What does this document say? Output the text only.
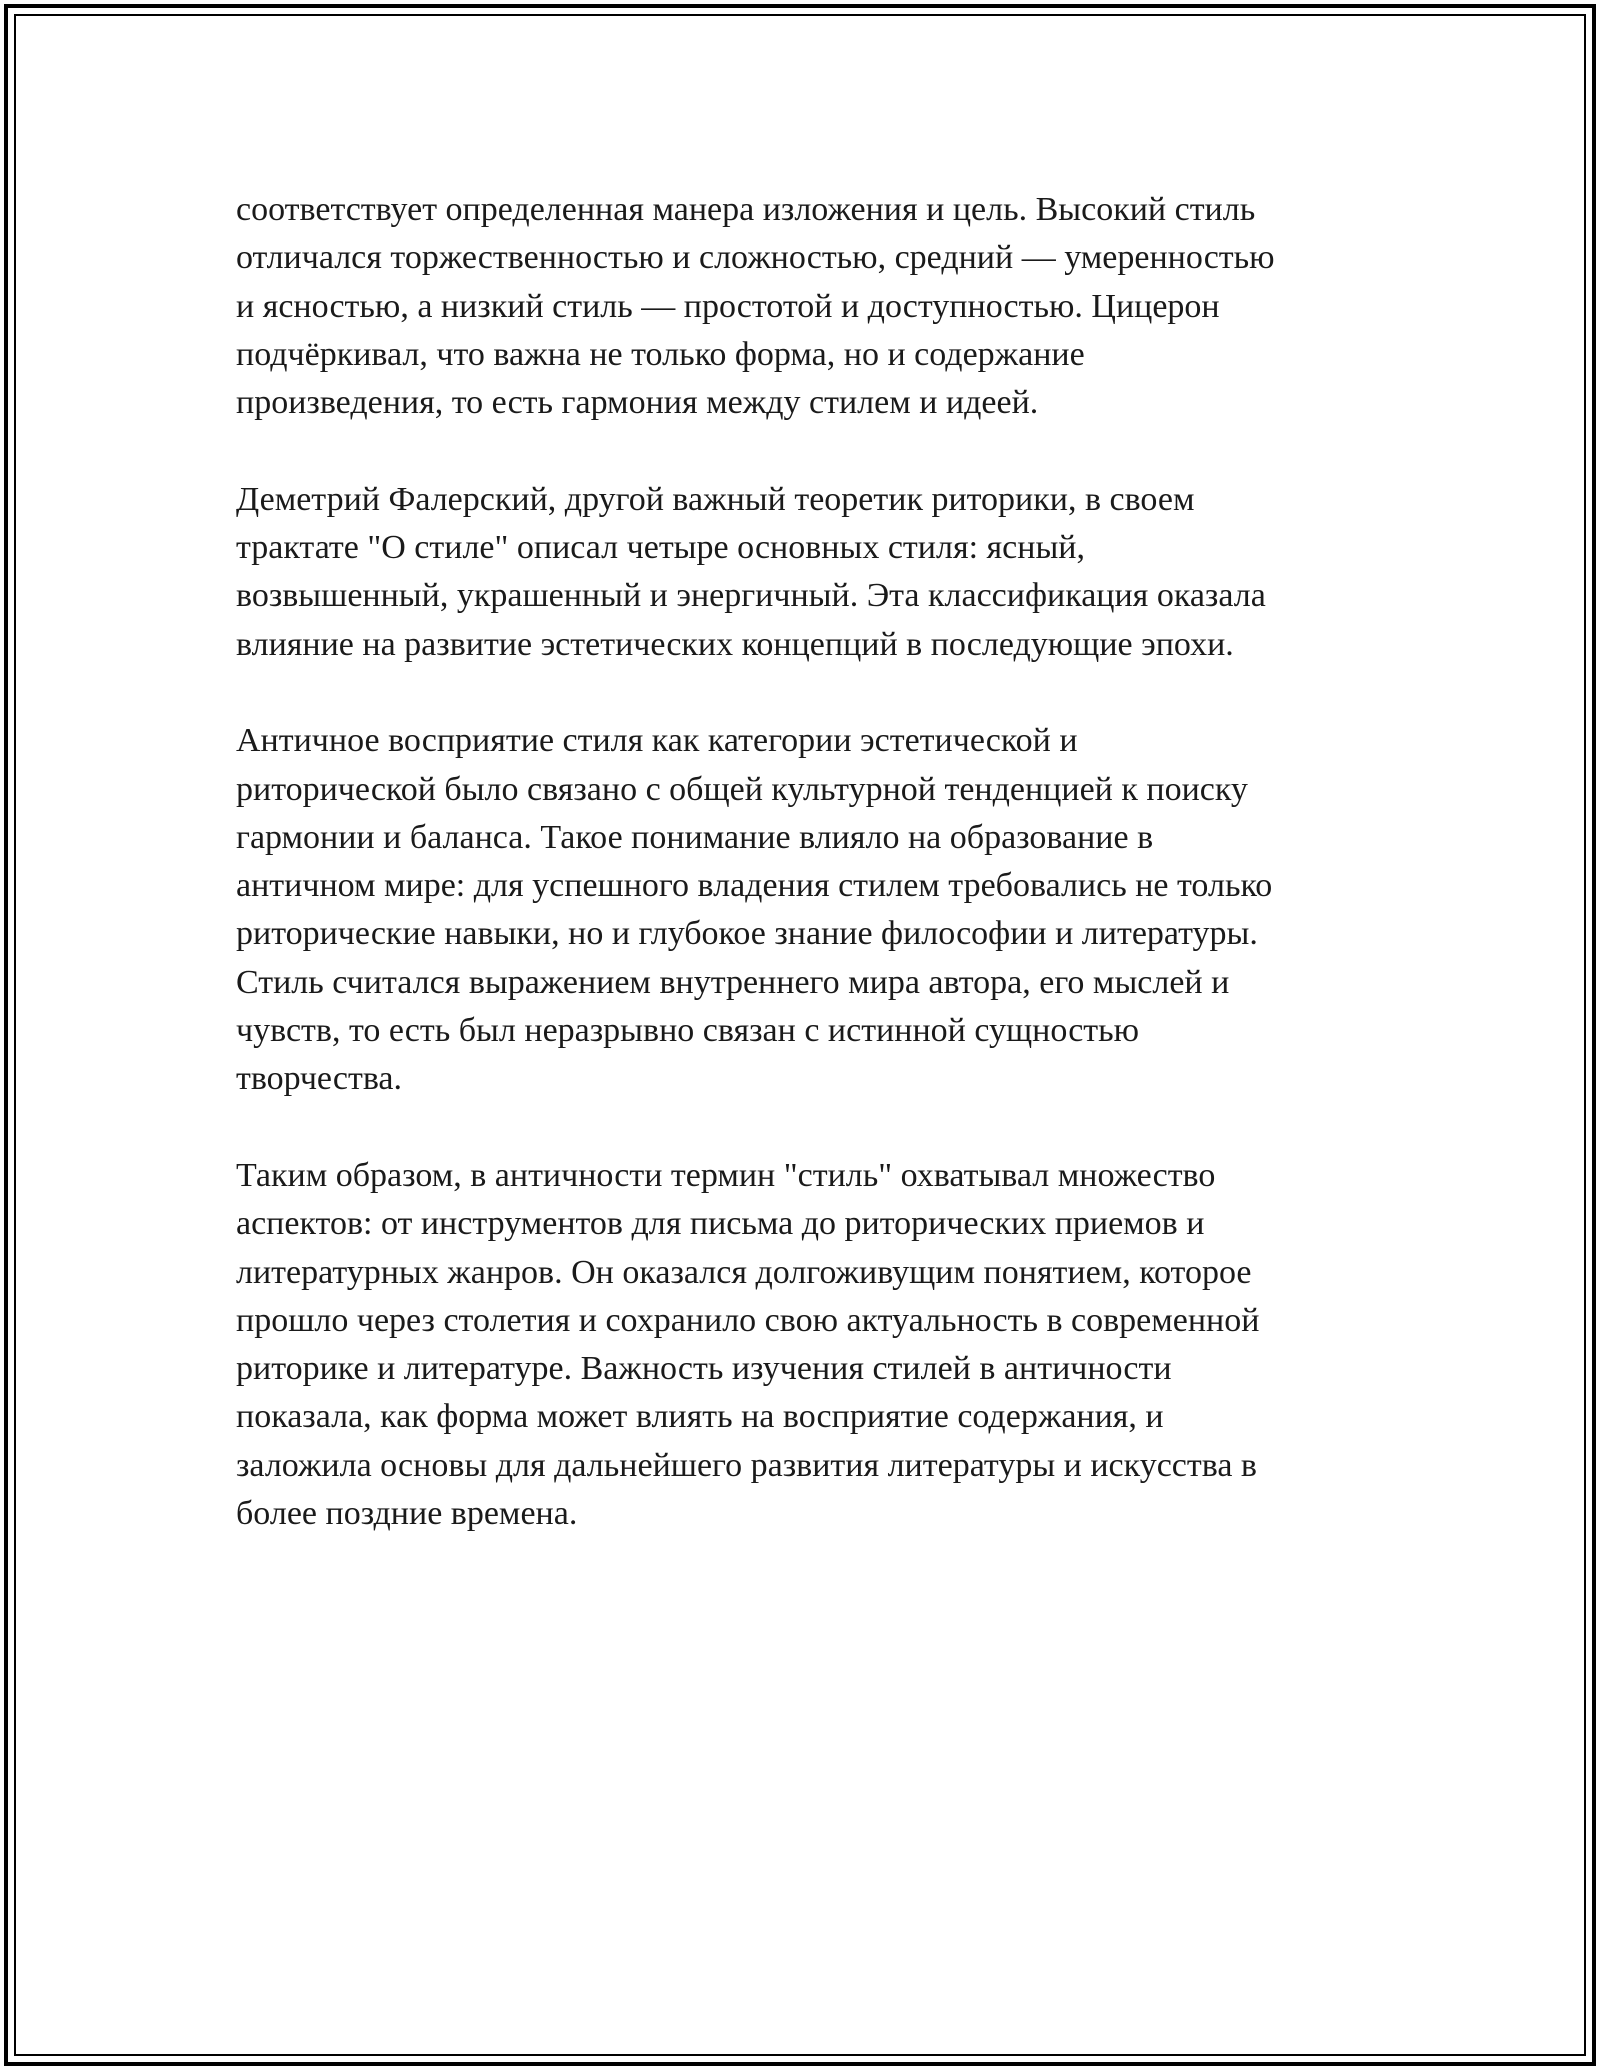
соответствует определенная манера изложения и цель. Высокий стиль
отличался торжественностью и сложностью, средний — умеренностью
и ясностью, а низкий стиль — простотой и доступностью. Цицерон
подчёркивал, что важна не только форма, но и содержание
произведения, то есть гармония между стилем и идеей.

Деметрий Фалерский, другой важный теоретик риторики, в своем
трактате "О стиле" описал четыре основных стиля: ясный,
возвышенный, украшенный и энергичный. Эта классификация оказала
влияние на развитие эстетических концепций в последующие эпохи.

Античное восприятие стиля как категории эстетической и
риторической было связано с общей культурной тенденцией к поиску
гармонии и баланса. Такое понимание влияло на образование в
античном мире: для успешного владения стилем требовались не только
риторические навыки, но и глубокое знание философии и литературы.
Стиль считался выражением внутреннего мира автора, его мыслей и
чувств, то есть был неразрывно связан с истинной сущностью
творчества.

Таким образом, в античности термин "стиль" охватывал множество
аспектов: от инструментов для письма до риторических приемов и
литературных жанров. Он оказался долгоживущим понятием, которое
прошло через столетия и сохранило свою актуальность в современной
риторике и литературе. Важность изучения стилей в античности
показала, как форма может влиять на восприятие содержания, и
заложила основы для дальнейшего развития литературы и искусства в
более поздние времена.
